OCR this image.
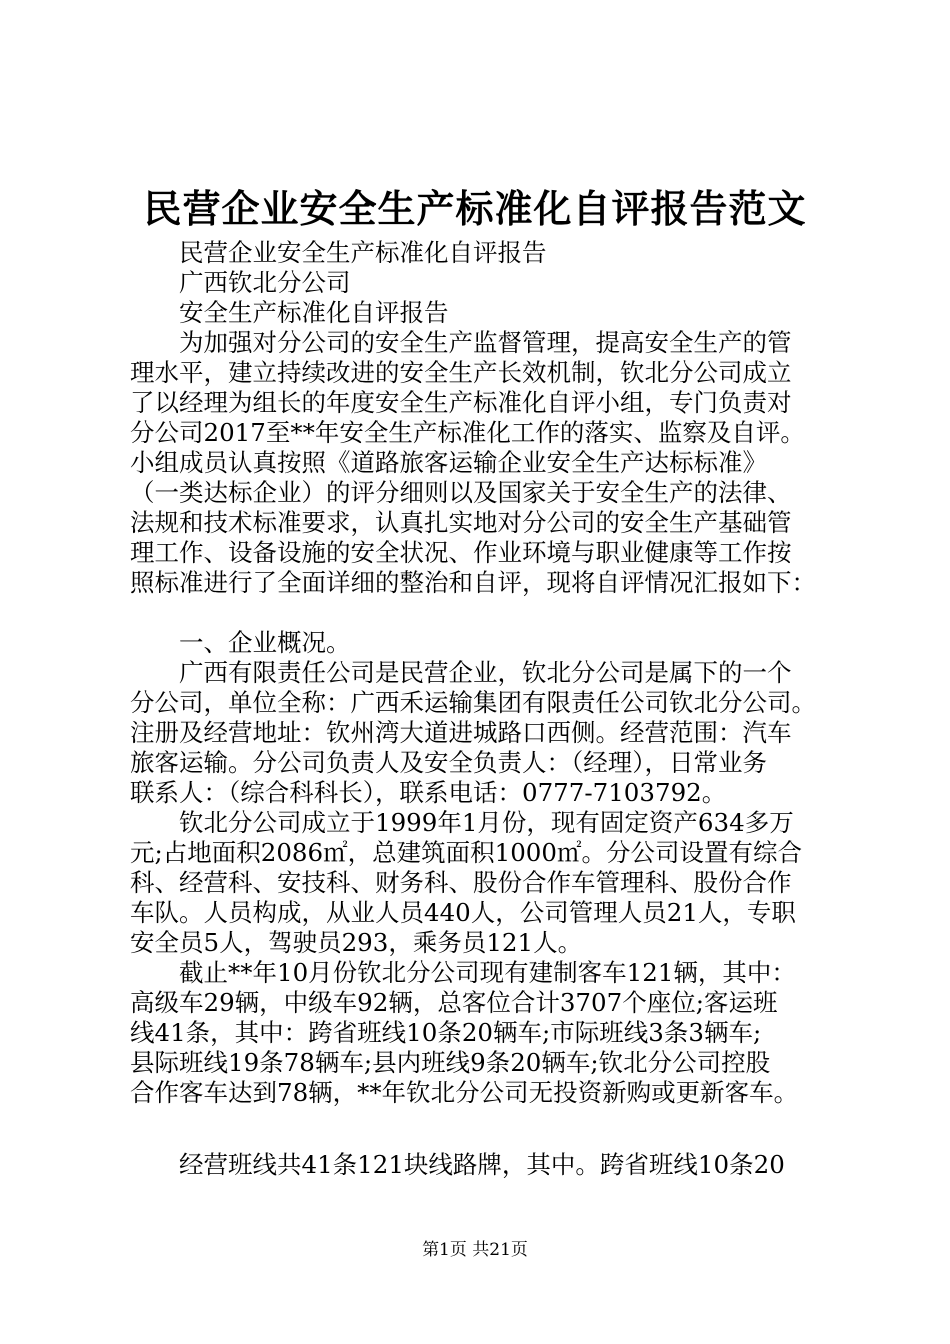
民营企业安全生产标准化自评报告范文
　　民营企业安全生产标准化自评报告
　　广西钦北分公司
　　安全生产标准化自评报告
　　为加强对分公司的安全生产监督管理，提高安全生产的管
理水平，建立持续改进的安全生产长效机制，钦北分公司成立
了以经理为组长的年度安全生产标准化自评小组，专门负责对
分公司2017至**年安全生产标准化工作的落实、监察及自评。
小组成员认真按照《道路旅客运输企业安全生产达标标准》
（一类达标企业）的评分细则以及国家关于安全生产的法律、
法规和技术标准要求，认真扎实地对分公司的安全生产基础管
理工作、设备设施的安全状况、作业环境与职业健康等工作按
照标准进行了全面详细的整治和自评，现将自评情况汇报如下：
　　一、企业概况。
　　广西有限责任公司是民营企业，钦北分公司是属下的一个
分公司，单位全称：广西禾运输集团有限责任公司钦北分公司。
注册及经营地址：钦州湾大道进城路口西侧。经营范围：汽车
旅客运输。分公司负责人及安全负责人：（经理），日常业务
联系人：（综合科科长），联系电话：0777-7103792。
　　钦北分公司成立于1999年1月份，现有固定资产634多万
元;占地面积2086㎡，总建筑面积1000㎡。分公司设置有综合
科、经营科、安技科、财务科、股份合作车管理科、股份合作
车队。人员构成，从业人员440人，公司管理人员21人，专职
安全员5人，驾驶员293，乘务员121人。
　　截止**年10月份钦北分公司现有建制客车121辆，其中：
高级车29辆，中级车92辆，总客位合计3707个座位;客运班
线41条，其中：跨省班线10条20辆车;市际班线3条3辆车;
县际班线19条78辆车;县内班线9条20辆车;钦北分公司控股
合作客车达到78辆，**年钦北分公司无投资新购或更新客车。
　　经营班线共41条121块线路牌，其中。跨省班线10条20
第1页 共21页
